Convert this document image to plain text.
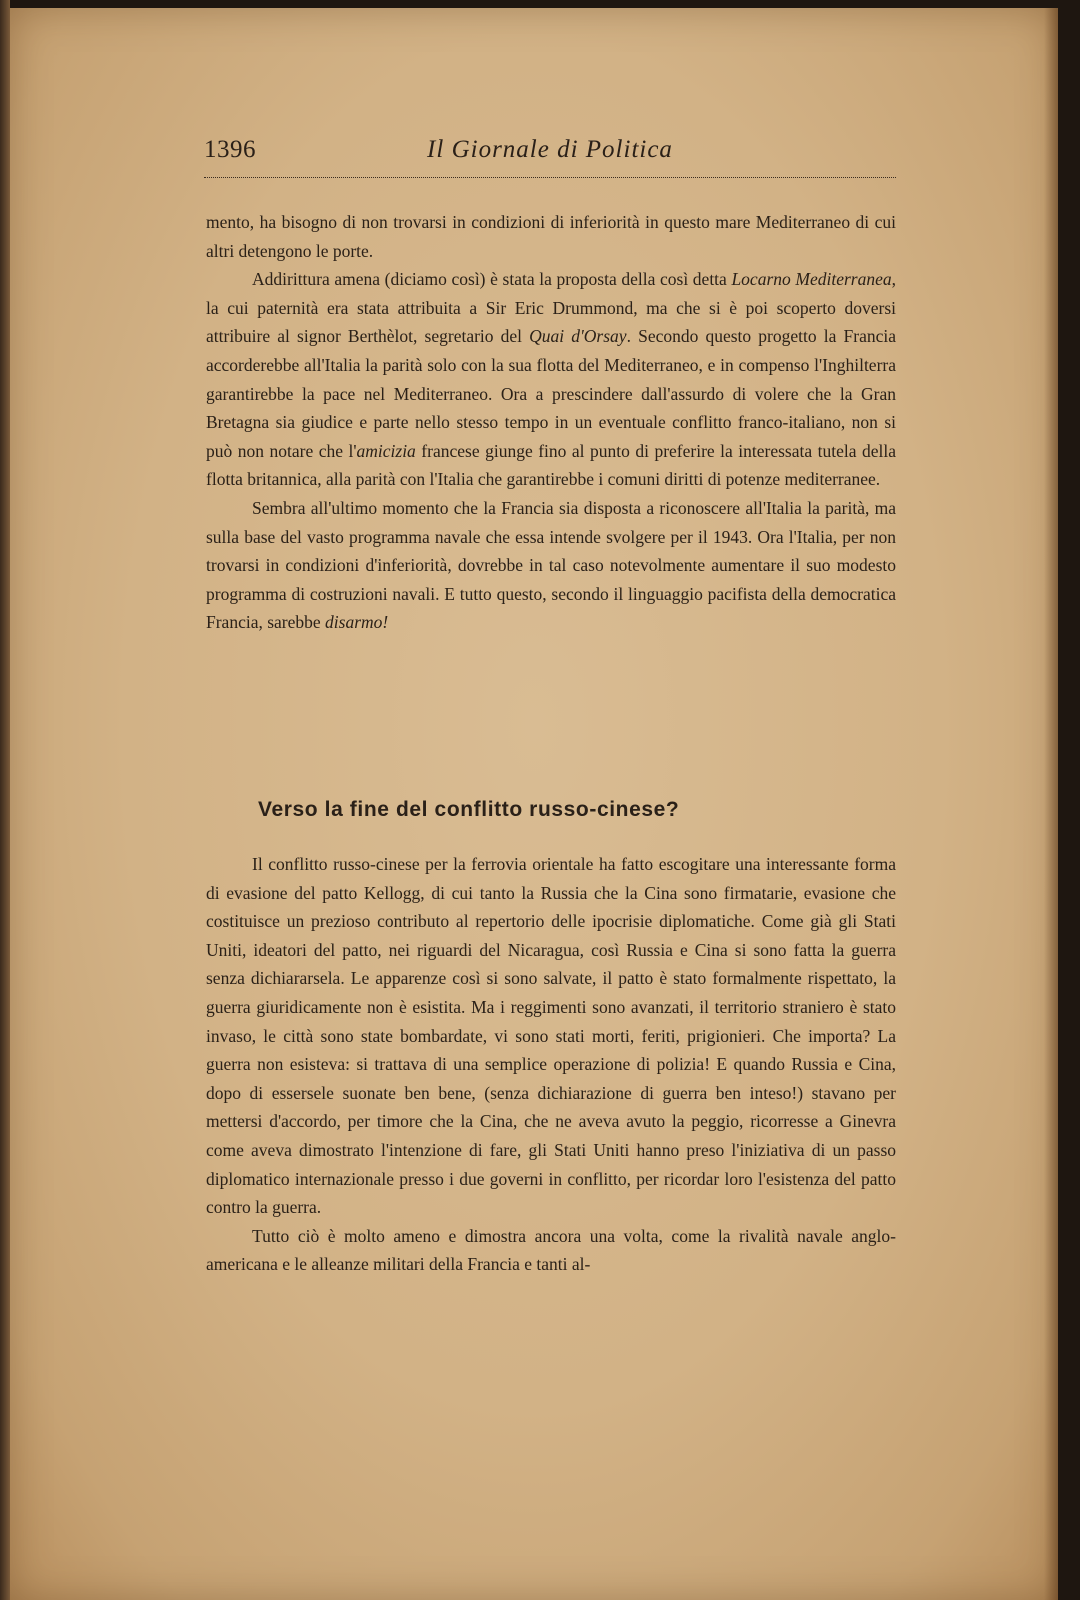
1396	Il Giornale di Politica

mento, ha bisogno di non trovarsi in condizioni di inferiorità in questo mare Mediterraneo di cui altri detengono le porte.

Addirittura amena (diciamo così) è stata la proposta della così detta Locarno Mediterranea, la cui paternità era stata attribuita a Sir Eric Drummond, ma che si è poi scoperto doversi attribuire al signor Berthèlot, segretario del Quai d'Orsay. Secondo questo progetto la Francia accorderebbe all'Italia la parità solo con la sua flotta del Mediterraneo, e in compenso l'Inghilterra garantirebbe la pace nel Mediterraneo. Ora a prescindere dall'assurdo di volere che la Gran Bretagna sia giudice e parte nello stesso tempo in un eventuale conflitto franco-italiano, non si può non notare che l'amicizia francese giunge fino al punto di preferire la interessata tutela della flotta britannica, alla parità con l'Italia che garantirebbe i comuni diritti di potenze mediterranee.

Sembra all'ultimo momento che la Francia sia disposta a riconoscere all'Italia la parità, ma sulla base del vasto programma navale che essa intende svolgere per il 1943. Ora l'Italia, per non trovarsi in condizioni d'inferiorità, dovrebbe in tal caso notevolmente aumentare il suo modesto programma di costruzioni navali. E tutto questo, secondo il linguaggio pacifista della democratica Francia, sarebbe disarmo!

Verso la fine del conflitto russo-cinese?

Il conflitto russo-cinese per la ferrovia orientale ha fatto escogitare una interessante forma di evasione del patto Kellogg, di cui tanto la Russia che la Cina sono firmatarie, evasione che costituisce un prezioso contributo al repertorio delle ipocrisie diplomatiche. Come già gli Stati Uniti, ideatori del patto, nei riguardi del Nicaragua, così Russia e Cina si sono fatta la guerra senza dichiararsela. Le apparenze così si sono salvate, il patto è stato formalmente rispettato, la guerra giuridicamente non è esistita. Ma i reggimenti sono avanzati, il territorio straniero è stato invaso, le città sono state bombardate, vi sono stati morti, feriti, prigionieri. Che importa? La guerra non esisteva: si trattava di una semplice operazione di polizia! E quando Russia e Cina, dopo di essersele suonate ben bene, (senza dichiarazione di guerra ben inteso!) stavano per mettersi d'accordo, per timore che la Cina, che ne aveva avuto la peggio, ricorresse a Ginevra come aveva dimostrato l'intenzione di fare, gli Stati Uniti hanno preso l'iniziativa di un passo diplomatico internazionale presso i due governi in conflitto, per ricordar loro l'esistenza del patto contro la guerra.

Tutto ciò è molto ameno e dimostra ancora una volta, come la rivalità navale anglo-americana e le alleanze militari della Francia e tanti al-
